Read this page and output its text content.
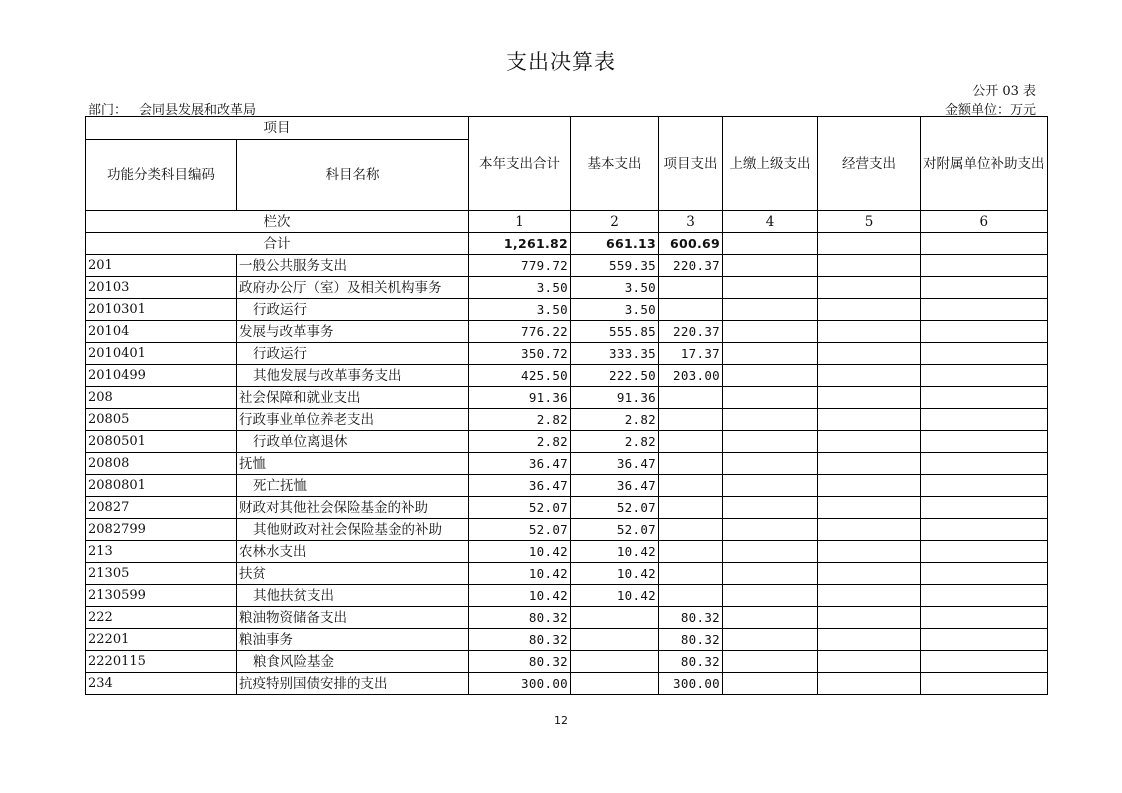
支出决算表
公开 03 表
部门： 会同县发展和改革局	金额单位：万元
项目		本年支出合计	基本支出	项目支出	上缴上级支出	经营支出	对附属单位补助支出
功能分类科目编码	科目名称						
栏次		1	2	3	4	5	6
合计		1,261.82	661.13	600.69			
201	一般公共服务支出	779.72	559.35	220.37			
20103	政府办公厅（室）及相关机构事务	3.50	3.50				
2010301	行政运行	3.50	3.50				
20104	发展与改革事务	776.22	555.85	220.37			
2010401	行政运行	350.72	333.35	17.37			
2010499	其他发展与改革事务支出	425.50	222.50	203.00			
208	社会保障和就业支出	91.36	91.36				
20805	行政事业单位养老支出	2.82	2.82				
2080501	行政单位离退休	2.82	2.82				
20808	抚恤	36.47	36.47				
2080801	死亡抚恤	36.47	36.47				
20827	财政对其他社会保险基金的补助	52.07	52.07				
2082799	其他财政对社会保险基金的补助	52.07	52.07				
213	农林水支出	10.42	10.42				
21305	扶贫	10.42	10.42				
2130599	其他扶贫支出	10.42	10.42				
222	粮油物资储备支出	80.32		80.32			
22201	粮油事务	80.32		80.32			
2220115	粮食风险基金	80.32		80.32			
234	抗疫特别国债安排的支出	300.00		300.00			
12
